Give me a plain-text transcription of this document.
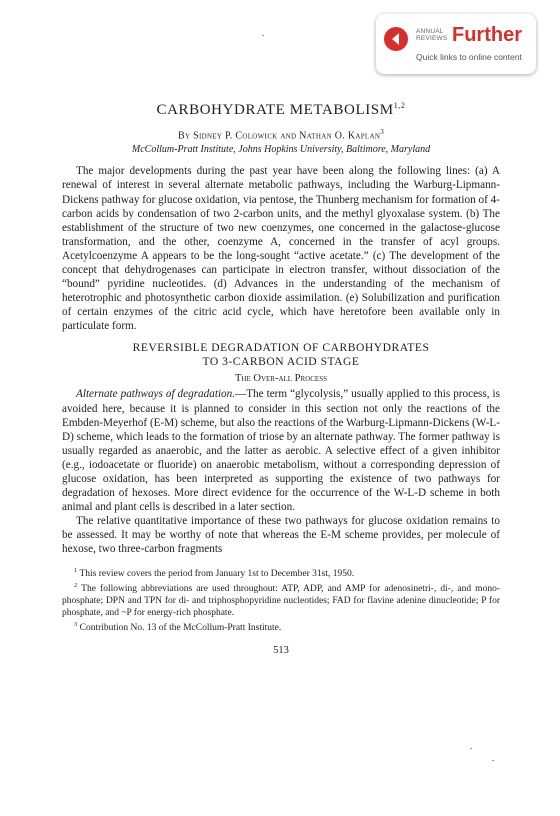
ANNUAL
REVIEWS Further
Quick links to online content

CARBOHYDRATE METABOLISM$^{1,2}$

By Sidney P. Colowick and Nathan O. Kaplan$^3$

McCollum-Pratt Institute, Johns Hopkins University, Baltimore, Maryland

The major developments during the past year have been along the following lines: (a) A renewal of interest in several alternate metabolic pathways, including the Warburg-Lipmann-Dickens pathway for glucose oxidation, via pentose, the Thunberg mechanism for formation of 4-carbon acids by condensation of two 2-carbon units, and the methyl glyoxalase system. (b) The establishment of the structure of two new coenzymes, one concerned in the galactose-glucose transformation, and the other, coenzyme A, concerned in the transfer of acyl groups. Acetylcoenzyme A appears to be the long-sought “active acetate.” (c) The development of the concept that dehydrogenases can participate in electron transfer, without dissociation of the “bound” pyridine nucleotides. (d) Advances in the understanding of the mechanism of heterotrophic and photosynthetic carbon dioxide assimilation. (e) Solubilization and purification of certain enzymes of the citric acid cycle, which have heretofore been available only in particulate form.

REVERSIBLE DEGRADATION OF CARBOHYDRATES
TO 3-CARBON ACID STAGE

The Over-all Process

Alternate pathways of degradation.—The term “glycolysis,” usually applied to this process, is avoided here, because it is planned to consider in this section not only the reactions of the Embden-Meyerhof (E-M) scheme, but also the reactions of the Warburg-Lipmann-Dickens (W-L-D) scheme, which leads to the formation of triose by an alternate pathway. The former pathway is usually regarded as anaerobic, and the latter as aerobic. A selective effect of a given inhibitor (e.g., iodoacetate or fluoride) on anaerobic metabolism, without a corresponding depression of glucose oxidation, has been interpreted as supporting the existence of two pathways for degradation of hexoses. More direct evidence for the occurrence of the W-L-D scheme in both animal and plant cells is described in a later section.

The relative quantitative importance of these two pathways for glucose oxidation remains to be assessed. It may be worthy of note that whereas the E-M scheme provides, per molecule of hexose, two three-carbon fragments

$^1$ This review covers the period from January 1st to December 31st, 1950.

$^2$ The following abbreviations are used throughout: ATP, ADP, and AMP for adenosinetri-, di-, and mono-phosphate; DPN and TPN for di- and triphosphopyridine nucleotides; FAD for flavine adenine dinucleotide; P for phosphate, and ~P for energy-rich phosphate.

$^3$ Contribution No. 13 of the McCollum-Pratt Institute.

513
